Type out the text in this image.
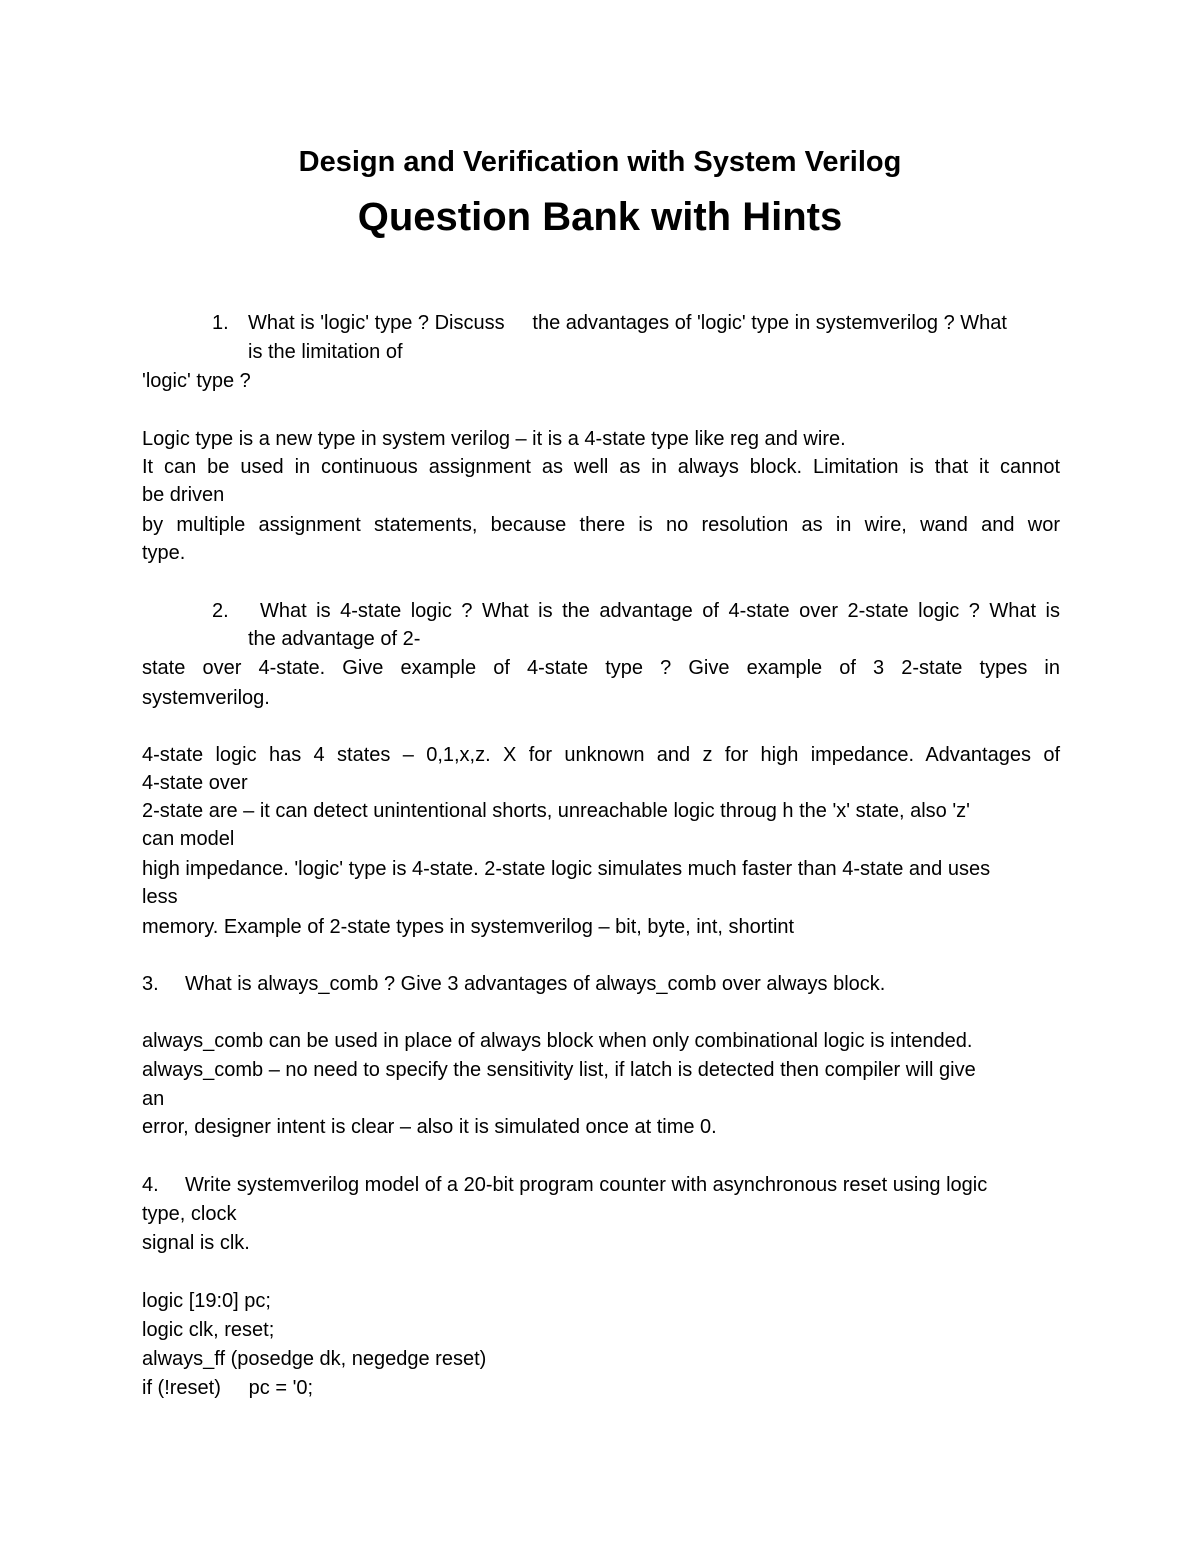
Design and Verification with System Verilog
Question Bank with Hints
1. What is 'logic' type ? Discuss     the advantages of 'logic' type in systemverilog ? What
is the limitation of
'logic' type ?
Logic type is a new type in system verilog – it is a 4-state type like reg and wire.
It can be used in continuous assignment as well as in always block. Limitation is that it cannot
be driven
by multiple assignment statements, because there is no resolution as in wire, wand and wor
type.
2. What is 4-state logic ? What is the advantage of 4-state over 2-state logic ? What is
the advantage of 2-
state over 4-state. Give example of 4-state type ? Give example of 3 2-state types in
systemverilog.
4-state logic has 4 states – 0,1,x,z. X for unknown and z for high impedance. Advantages of
4-state over
2-state are – it can detect unintentional shorts, unreachable logic throug h the 'x' state, also 'z'
can model
high impedance. 'logic' type is 4-state. 2-state logic simulates much faster than 4-state and uses
less
memory. Example of 2-state types in systemverilog – bit, byte, int, shortint
3. What is always_comb ? Give 3 advantages of always_comb over always block.
always_comb can be used in place of always block when only combinational logic is intended.
always_comb – no need to specify the sensitivity list, if latch is detected then compiler will give
an
error, designer intent is clear – also it is simulated once at time 0.
4. Write systemverilog model of a 20-bit program counter with asynchronous reset using logic
type, clock
signal is clk.
logic [19:0] pc;
logic clk, reset;
always_ff (posedge dk, negedge reset)
if (!reset)     pc = '0;
